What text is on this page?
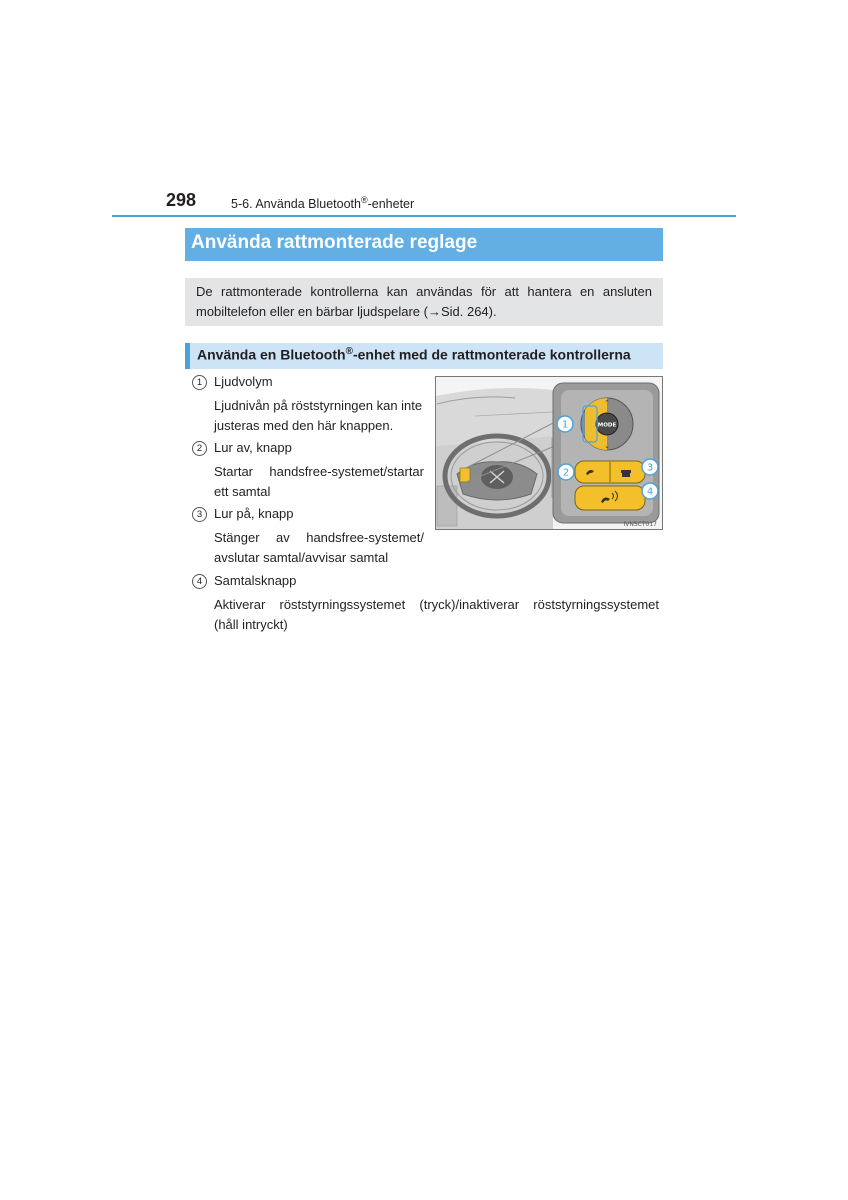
298	5-6. Använda Bluetooth®-enheter
Använda rattmonterade reglage
De rattmonterade kontrollerna kan användas för att hantera en ansluten
mobiltelefon eller en bärbar ljudspelare (→Sid. 264).
Använda en Bluetooth®-enhet med de rattmonterade kontrollerna
1 Ljudvolym
Ljudnivån på röststyrningen kan inte
justeras med den här knappen.
2 Lur av, knapp
Startar handsfree-systemet/startar
ett samtal
3 Lur på, knapp
Stänger av handsfree-systemet/
avslutar samtal/avvisar samtal
4 Samtalsknapp
Aktiverar röststyrningssystemet (tryck)/inaktiverar röststyrningssystemet
(håll intryckt)
MODE
⌃
⌄
1
2	3
4
IVNSCT017
